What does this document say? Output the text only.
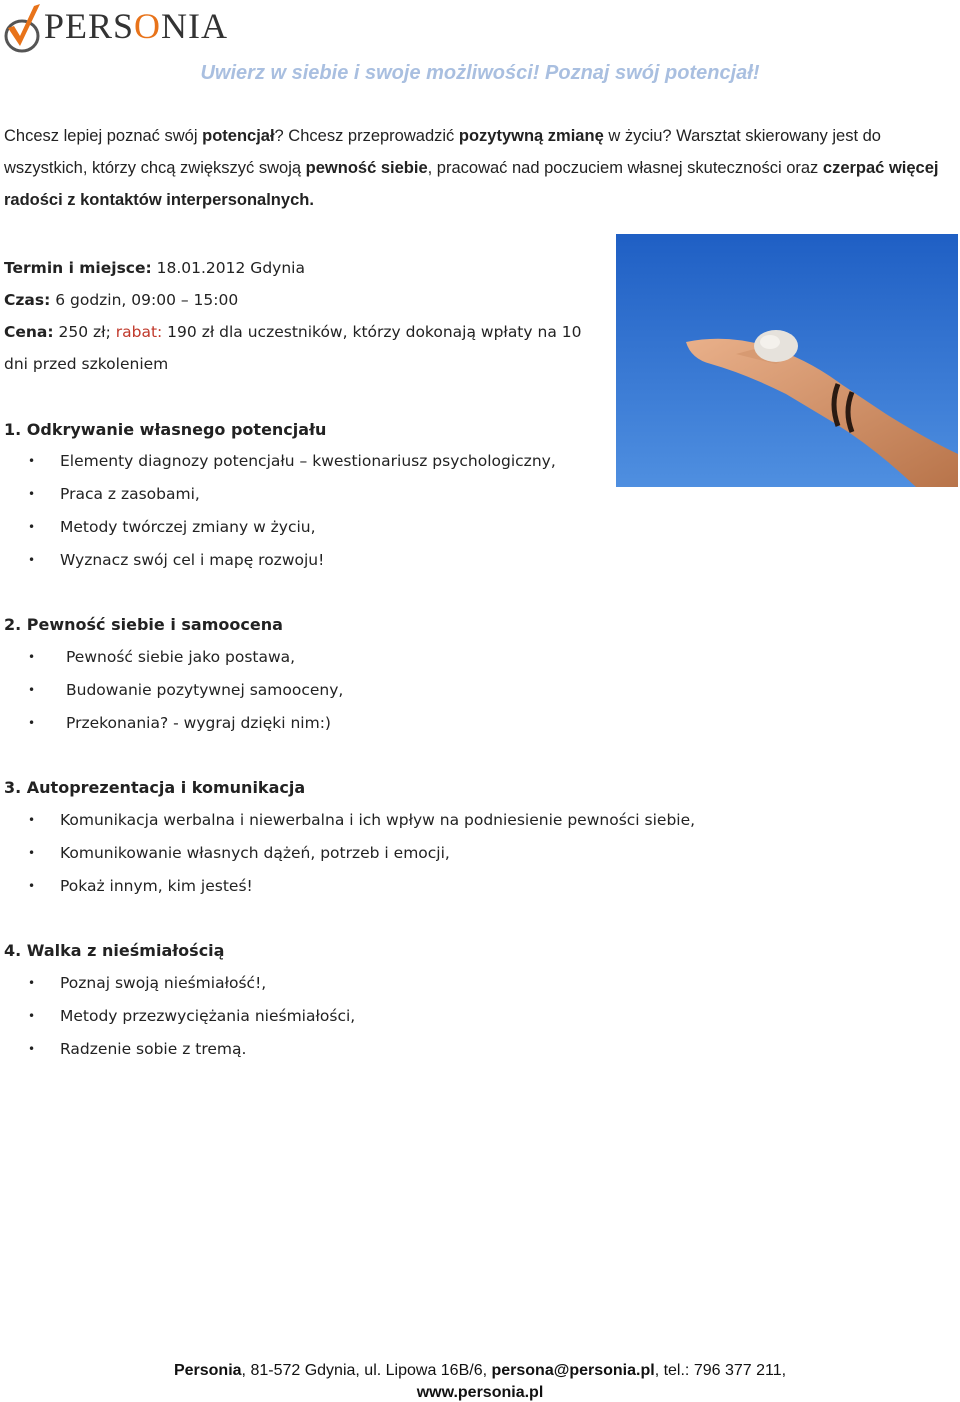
PERSONIA
Uwierz w siebie i swoje możliwości! Poznaj swój potencjał!

Chcesz lepiej poznać swój potencjał? Chcesz przeprowadzić pozytywną zmianę w życiu? Warsztat skierowany jest do wszystkich, którzy chcą zwiększyć swoją pewność siebie, pracować nad poczuciem własnej skuteczności oraz czerpać więcej radości z kontaktów interpersonalnych.

Termin i miejsce: 18.01.2012 Gdynia
Czas: 6 godzin, 09:00 – 15:00
Cena: 250 zł; rabat: 190 zł dla uczestników, którzy dokonają wpłaty na 10 dni przed szkoleniem
1. Odkrywanie własnego potencjału
•	Elementy diagnozy potencjału – kwestionariusz psychologiczny,
•	Praca z zasobami,
•	Metody twórczej zmiany w życiu,
•	Wyznacz swój cel i mapę rozwoju!
2. Pewność siebie i samoocena
•	Pewność siebie jako postawa,
•	Budowanie pozytywnej samooceny,
•	Przekonania? - wygraj dzięki nim:)
3. Autoprezentacja i komunikacja
•	Komunikacja werbalna i niewerbalna i ich wpływ na podniesienie pewności siebie,
•	Komunikowanie własnych dążeń, potrzeb i emocji,
•	Pokaż innym, kim jesteś!
4. Walka z nieśmiałością
•	Poznaj swoją nieśmiałość!,
•	Metody przezwyciężania nieśmiałości,
•	Radzenie sobie z tremą.
Personia, 81-572 Gdynia, ul. Lipowa 16B/6, persona@personia.pl, tel.: 796 377 211,
www.personia.pl
